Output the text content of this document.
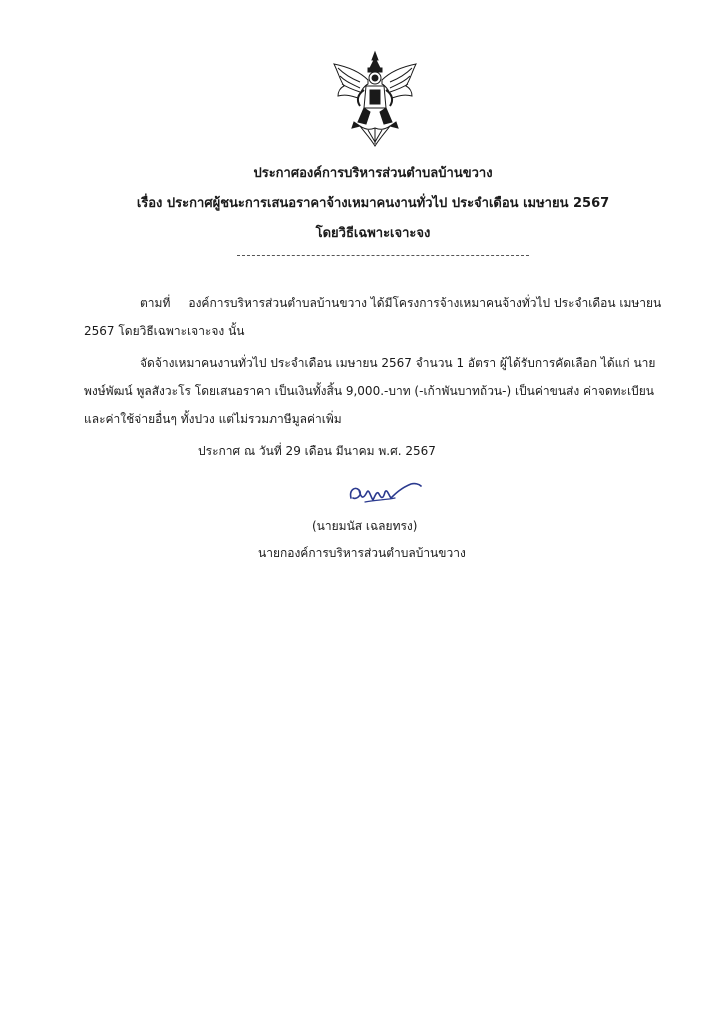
ประกาศองค์การบริหารส่วนตำบลบ้านขวาง
เรื่อง ประกาศผู้ชนะการเสนอราคาจ้างเหมาคนงานทั่วไป ประจำเดือน เมษายน 2567
โดยวิธีเฉพาะเจาะจง
ตามที่ องค์การบริหารส่วนตำบลบ้านขวาง ได้มีโครงการจ้างเหมาคนจ้างทั่วไป ประจำเดือน เมษายน
2567 โดยวิธีเฉพาะเจาะจง นั้น
จัดจ้างเหมาคนงานทั่วไป ประจำเดือน เมษายน 2567 จำนวน 1 อัตรา ผู้ได้รับการคัดเลือก ได้แก่ นาย
พงษ์พัฒน์ พูลสังวะโร โดยเสนอราคา เป็นเงินทั้งสิ้น 9,000.-บาท (-เก้าพันบาทถ้วน-) เป็นค่าขนส่ง ค่าจดทะเบียน
และค่าใช้จ่ายอื่นๆ ทั้งปวง แต่ไม่รวมภาษีมูลค่าเพิ่ม
ประกาศ ณ วันที่ 29 เดือน มีนาคม พ.ศ. 2567
(นายมนัส เฉลยทรง)
นายกองค์การบริหารส่วนตำบลบ้านขวาง
